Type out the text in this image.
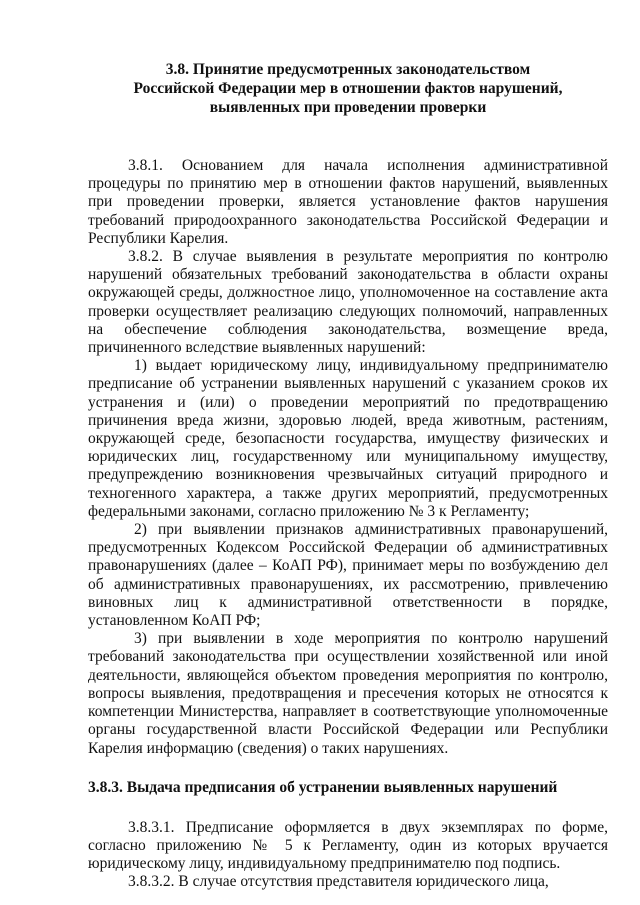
3.8. Принятие предусмотренных законодательством
Российской Федерации мер в отношении фактов нарушений,
выявленных при проведении проверки

3.8.1. Основанием для начала исполнения административной процедуры по принятию мер в отношении фактов нарушений, выявленных при проведении проверки, является установление фактов нарушения требований природоохранного законодательства Российской Федерации и Республики Карелия.

3.8.2. В случае выявления в результате мероприятия по контролю нарушений обязательных требований законодательства в области охраны окружающей среды, должностное лицо, уполномоченное на составление акта проверки осуществляет реализацию следующих полномочий, направленных на обеспечение соблюдения законодательства, возмещение вреда, причиненного вследствие выявленных нарушений:

1) выдает юридическому лицу, индивидуальному предпринимателю предписание об устранении выявленных нарушений с указанием сроков их устранения и (или) о проведении мероприятий по предотвращению причинения вреда жизни, здоровью людей, вреда животным, растениям, окружающей среде, безопасности государства, имуществу физических и юридических лиц, государственному или муниципальному имуществу, предупреждению возникновения чрезвычайных ситуаций природного и техногенного характера, а также других мероприятий, предусмотренных федеральными законами, согласно приложению № 3 к Регламенту;

2) при выявлении признаков административных правонарушений, предусмотренных Кодексом Российской Федерации об административных правонарушениях (далее – КоАП РФ), принимает меры по возбуждению дел об административных правонарушениях, их рассмотрению, привлечению виновных лиц к административной ответственности в порядке, установленном КоАП РФ;

3) при выявлении в ходе мероприятия по контролю нарушений требований законодательства при осуществлении хозяйственной или иной деятельности, являющейся объектом проведения мероприятия по контролю, вопросы выявления, предотвращения и пресечения которых не относятся к компетенции Министерства, направляет в соответствующие уполномоченные органы государственной власти Российской Федерации или Республики Карелия информацию (сведения) о таких нарушениях.

3.8.3. Выдача предписания об устранении выявленных нарушений

3.8.3.1. Предписание оформляется в двух экземплярах по форме, согласно приложению № 5 к Регламенту, один из которых вручается юридическому лицу, индивидуальному предпринимателю под подпись.

3.8.3.2. В случае отсутствия представителя юридического лица,
